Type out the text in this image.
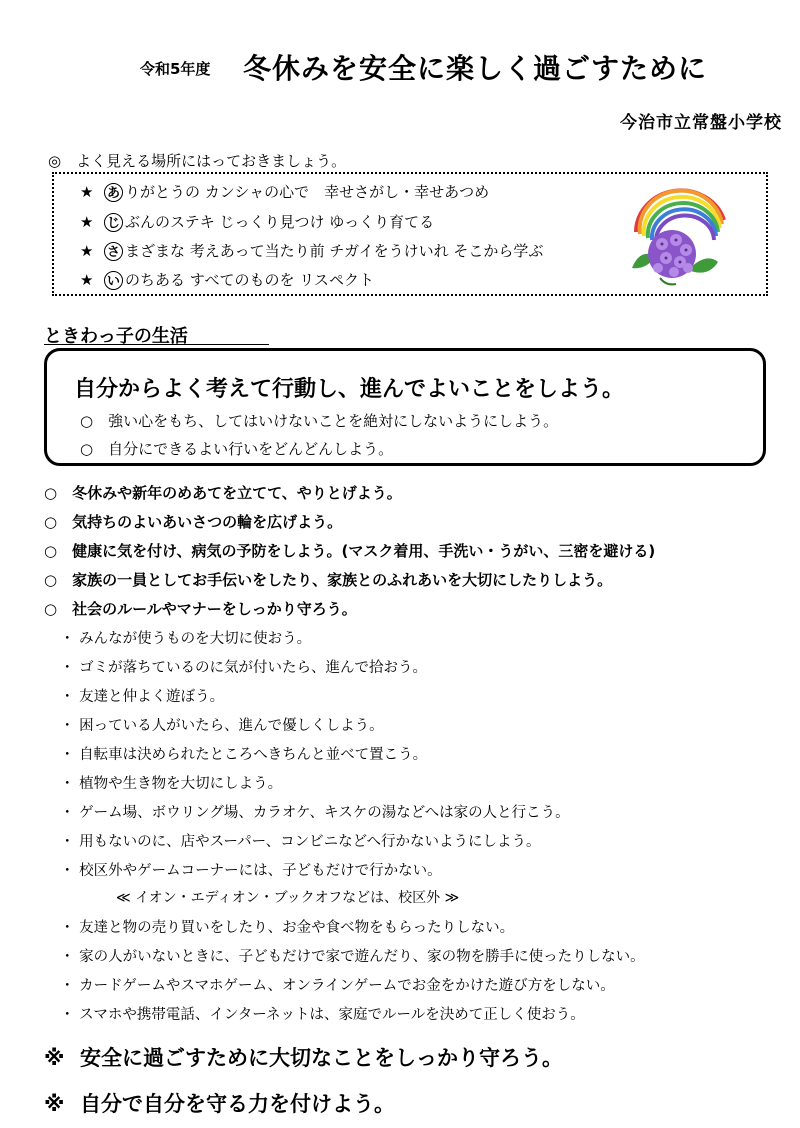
令和5年度 冬休みを安全に楽しく過ごすために
今治市立常盤小学校
◎　よく見える場所にはっておきましょう。
★ あ りがとうの カンシャの心で　幸せさがし・幸せあつめ
★ じ ぶんのステキ じっくり見つけ ゆっくり育てる
★ さ まざまな 考えあって当たり前 チガイをうけいれ そこから学ぶ
★ い のちある すべてのものを リスペクト
ときわっ子の生活
自分からよく考えて行動し、進んでよいことをしよう。
○　強い心をもち、してはいけないことを絶対にしないようにしよう。
○　自分にできるよい行いをどんどんしよう。
○　冬休みや新年のめあてを立てて、やりとげよう。
○　気持ちのよいあいさつの輪を広げよう。
○　健康に気を付け、病気の予防をしよう。(マスク着用、手洗い・うがい、三密を避ける)
○　家族の一員としてお手伝いをしたり、家族とのふれあいを大切にしたりしよう。
○　社会のルールやマナーをしっかり守ろう。
・ みんなが使うものを大切に使おう。
・ ゴミが落ちているのに気が付いたら、進んで拾おう。
・ 友達と仲よく遊ぼう。
・ 困っている人がいたら、進んで優しくしよう。
・ 自転車は決められたところへきちんと並べて置こう。
・ 植物や生き物を大切にしよう。
・ ゲーム場、ボウリング場、カラオケ、キスケの湯などへは家の人と行こう。
・ 用もないのに、店やスーパー、コンビニなどへ行かないようにしよう。
・ 校区外やゲームコーナーには、子どもだけで行かない。
≪ イオン・エディオン・ブックオフなどは、校区外 ≫
・ 友達と物の売り買いをしたり、お金や食べ物をもらったりしない。
・ 家の人がいないときに、子どもだけで家で遊んだり、家の物を勝手に使ったりしない。
・ カードゲームやスマホゲーム、オンラインゲームでお金をかけた遊び方をしない。
・ スマホや携帯電話、インターネットは、家庭でルールを決めて正しく使おう。
※ 安全に過ごすために大切なことをしっかり守ろう。
※ 自分で自分を守る力を付けよう。
